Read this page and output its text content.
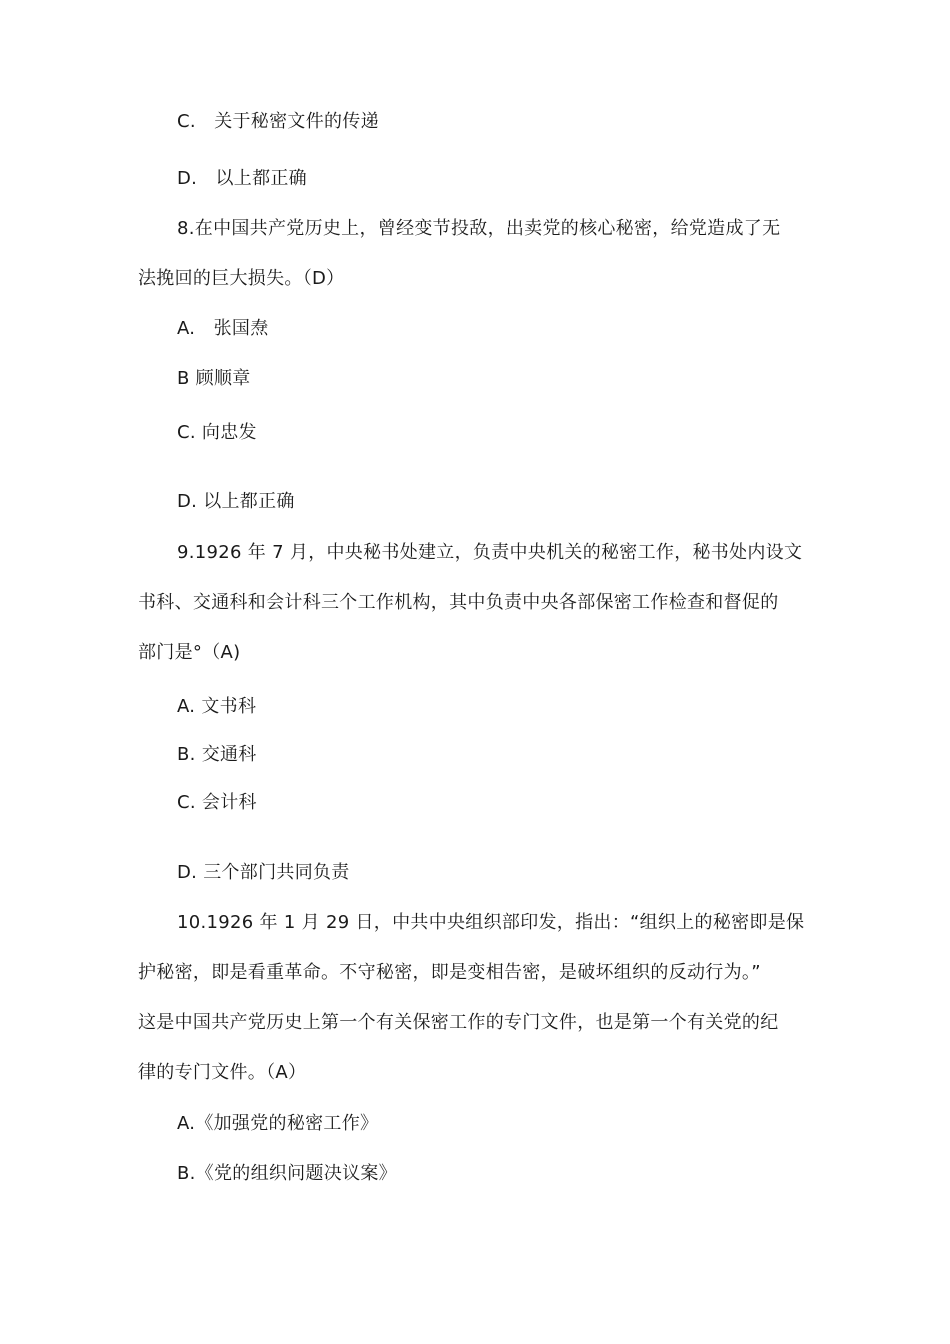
C.　关于秘密文件的传递
D.　以上都正确
8.在中国共产党历史上，曾经变节投敌，出卖党的核心秘密，给党造成了无
法挽回的巨大损失。（D）
A.　张国焘
B 顾顺章
C. 向忠发
D. 以上都正确
9.1926 年 7 月，中央秘书处建立，负责中央机关的秘密工作，秘书处内设文
书科、交通科和会计科三个工作机构，其中负责中央各部保密工作检查和督促的
部门是°（A)
A. 文书科
B. 交通科
C. 会计科
D. 三个部门共同负责
10.1926 年 1 月 29 日，中共中央组织部印发，指出：“组织上的秘密即是保
护秘密，即是看重革命。不守秘密，即是变相告密，是破坏组织的反动行为。”
这是中国共产党历史上第一个有关保密工作的专门文件，也是第一个有关党的纪
律的专门文件。（A）
A.《加强党的秘密工作》
B.《党的组织问题决议案》
